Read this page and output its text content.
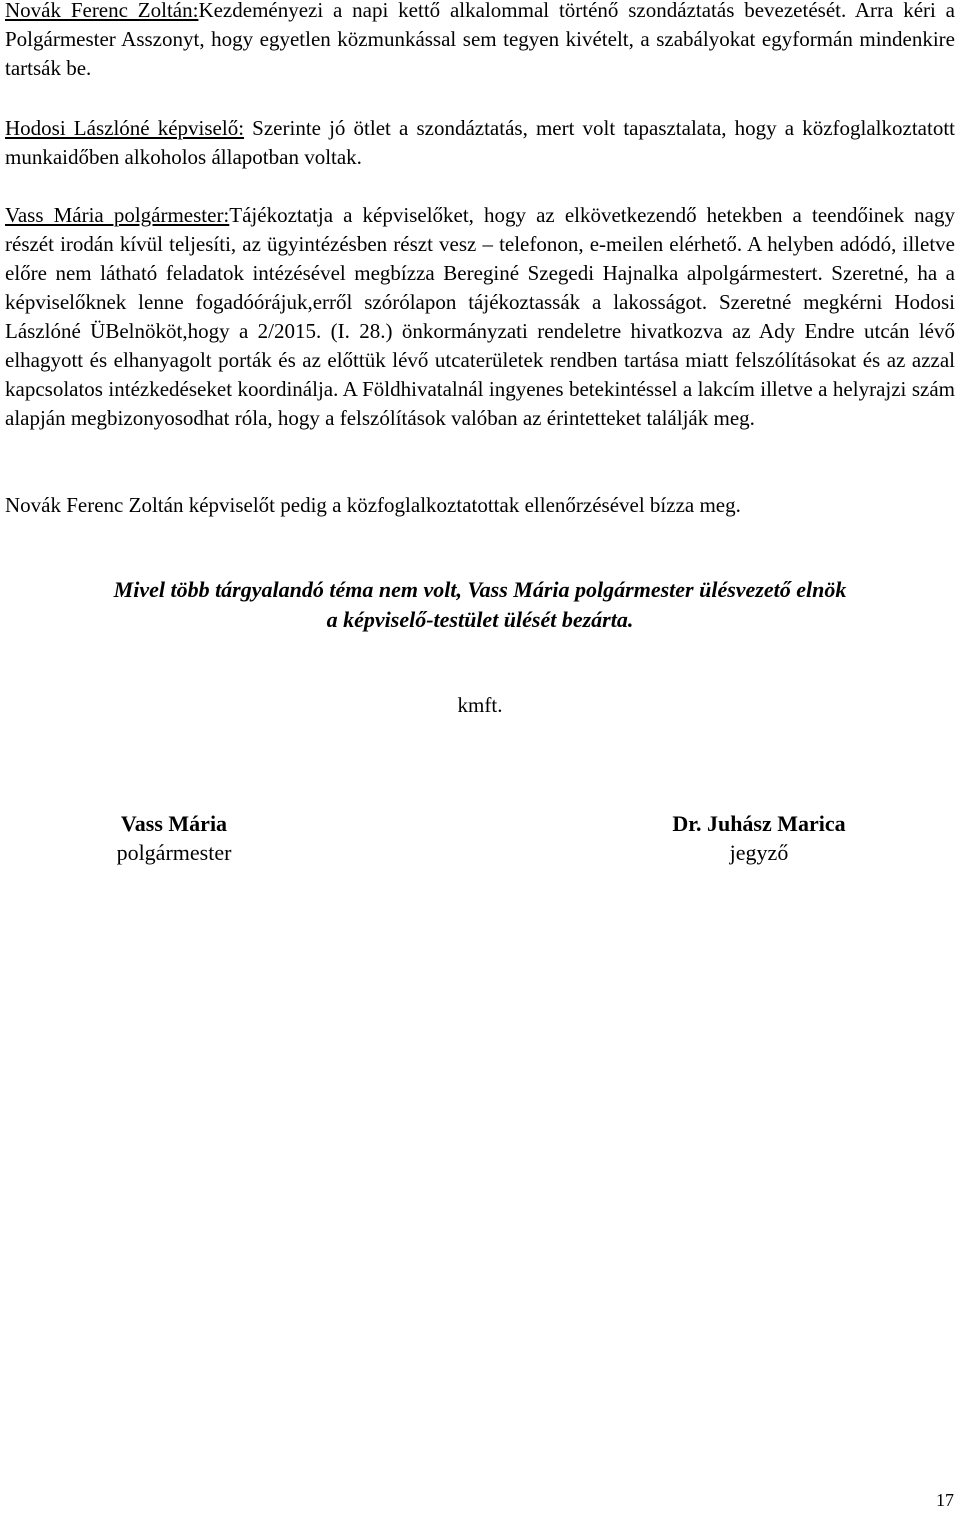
Novák Ferenc Zoltán:Kezdeményezi a napi kettő alkalommal történő szondáztatás bevezetését. Arra kéri a Polgármester Asszonyt, hogy egyetlen közmunkással sem tegyen kivételt, a szabályokat egyformán mindenkire tartsák be.

Hodosi Lászlóné képviselő: Szerinte jó ötlet a szondáztatás, mert volt tapasztalata, hogy a közfoglalkoztatott munkaidőben alkoholos állapotban voltak.

Vass Mária polgármester:Tájékoztatja a képviselőket, hogy az elkövetkezendő hetekben a teendőinek nagy részét irodán kívül teljesíti, az ügyintézésben részt vesz – telefonon, e-meilen elérhető. A helyben adódó, illetve előre nem látható feladatok intézésével megbízza Bereginé Szegedi Hajnalka alpolgármestert. Szeretné, ha a képviselőknek lenne fogadóórájuk,erről szórólapon tájékoztassák a lakosságot. Szeretné megkérni Hodosi Lászlóné ÜBelnököt,hogy a 2/2015. (I. 28.) önkormányzati rendeletre hivatkozva az Ady Endre utcán lévő elhagyott és elhanyagolt porták és az előttük lévő utcaterületek rendben tartása miatt felszólításokat és az azzal kapcsolatos intézkedéseket koordinálja. A Földhivatalnál ingyenes betekintéssel a lakcím illetve a helyrajzi szám alapján megbizonyosodhat róla, hogy a felszólítások valóban az érintetteket találják meg.

Novák Ferenc Zoltán képviselőt pedig a közfoglalkoztatottak ellenőrzésével bízza meg.

Mivel több tárgyalandó téma nem volt, Vass Mária polgármester ülésvezető elnök
a képviselő-testület ülését bezárta.
kmft.
Vass Mária
polgármester
Dr. Juhász Marica
jegyző
17
